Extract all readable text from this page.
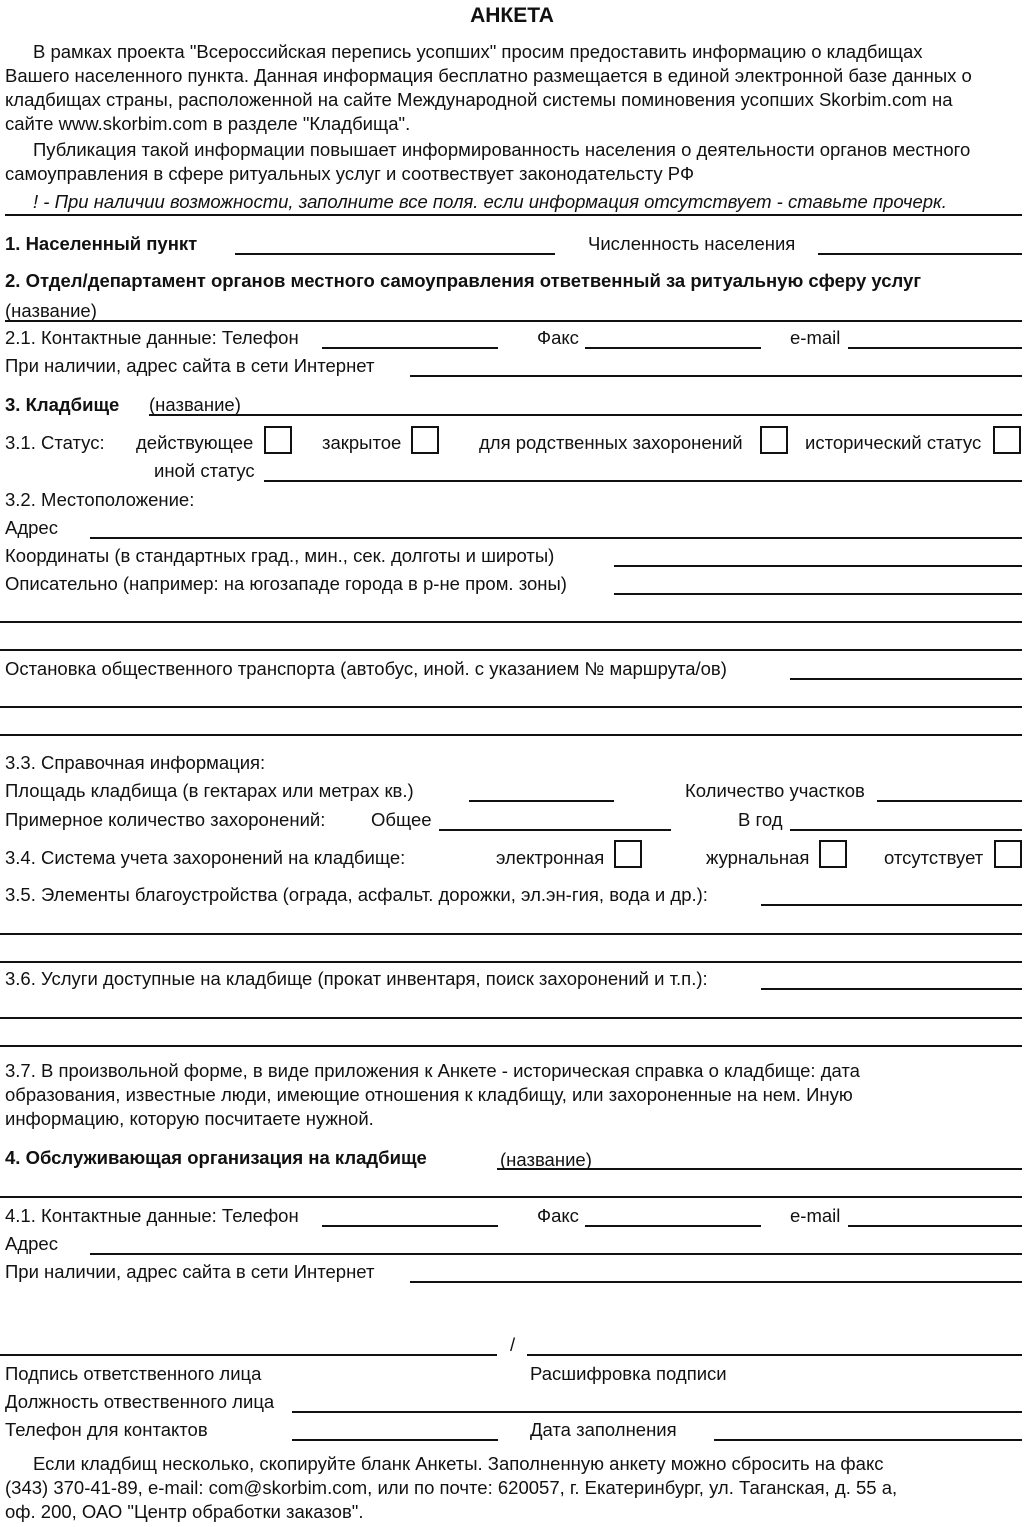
АНКЕТА
В рамках проекта "Всероссийская перепись усопших" просим предоставить информацию о кладбищах
Вашего населенного пункта. Данная информация бесплатно размещается в единой электронной базе данных о
кладбищах страны, расположенной на сайте Международной системы поминовения усопших Skorbim.com на
сайте www.skorbim.com в разделе "Кладбища".
Публикация такой информации повышает информированность населения о деятельности органов местного
самоуправления в сфере ритуальных услуг и соотвествует законодательсту РФ
! - При наличии возможности, заполните все поля. если информация отсутствует - ставьте прочерк.
1. Населенный пункт	Численность населения
2. Отдел/департамент органов местного самоуправления ответвенный за ритуальную сферу услуг
(название)
2.1. Контактные данные: Телефон	Факс	e-mail
При наличии, адрес сайта в сети Интернет
3. Кладбище (название)
3.1. Статус: действующее	закрытое	для родственных захоронений	исторический статус
иной статус
3.2. Местоположение:
Адрес
Координаты (в стандартных град., мин., сек. долготы и широты)
Описательно (например: на югозападе города в р-не пром. зоны)
Остановка общественного транспорта (автобус, иной. с указанием № маршрута/ов)
3.3. Справочная информация:
Площадь кладбища (в гектарах или метрах кв.)	Количество участков
Примерное количество захоронений: Общее	В год
3.4. Система учета захоронений на кладбище:	электронная	журнальная	отсутствует
3.5. Элементы благоустройства (ограда, асфальт. дорожки, эл.эн-гия, вода и др.):
3.6. Услуги доступные на кладбище (прокат инвентаря, поиск захоронений и т.п.):
3.7. В произвольной форме, в виде приложения к Анкете - историческая справка о кладбище: дата
образования, известные люди, имеющие отношения к кладбищу, или захороненные на нем. Иную
информацию, которую посчитаете нужной.
4. Обслуживающая организация на кладбище	(название)
4.1. Контактные данные: Телефон	Факс	e-mail
Адрес
При наличии, адрес сайта в сети Интернет
/
Подпись ответственного лица	Расшифровка подписи
Должность отвественного лица
Телефон для контактов	Дата заполнения
Если кладбищ несколько, скопируйте бланк Анкеты. Заполненную анкету можно сбросить на факс
(343) 370-41-89, e-mail: com@skorbim.com, или по почте: 620057, г. Екатеринбург, ул. Таганская, д. 55 а,
оф. 200, ОАО "Центр обработки заказов".
